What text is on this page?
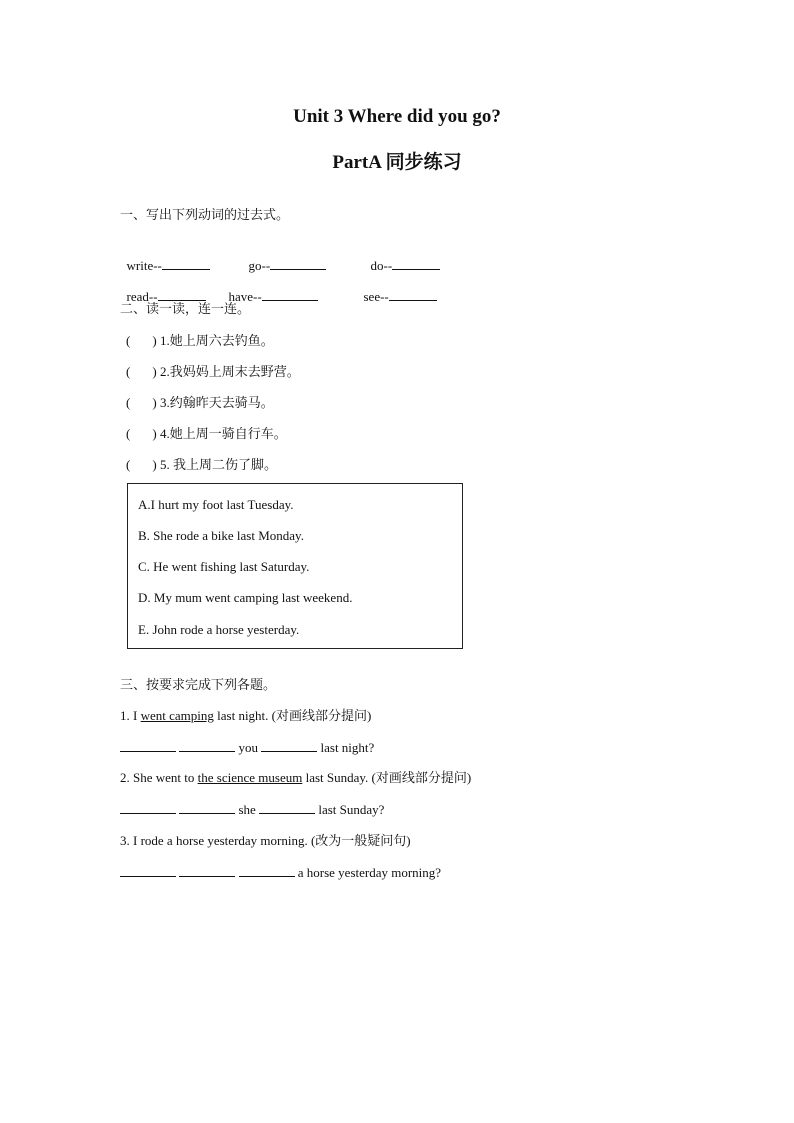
Unit 3 Where did you go?
PartA 同步练习
一、写出下列动词的过去式。

write--	go--	do--

read--	have--	see--

二、读一读，连一连。
( ) 1.她上周六去钓鱼。
( ) 2.我妈妈上周末去野营。
( ) 3.约翰昨天去骑马。
( ) 4.她上周一骑自行车。
( ) 5. 我上周二伤了脚。
A.I hurt my foot last Tuesday.
B. She rode a bike last Monday.
C. He went fishing last Saturday.
D. My mum went camping last weekend.
E. John rode a horse yesterday.
三、按要求完成下列各题。
1. I went camping last night. (对画线部分提问)
you	last night?
2. She went to the science museum last Sunday. (对画线部分提问)
she	last Sunday?
3. I rode a horse yesterday morning. (改为一般疑问句)
a horse yesterday morning?
